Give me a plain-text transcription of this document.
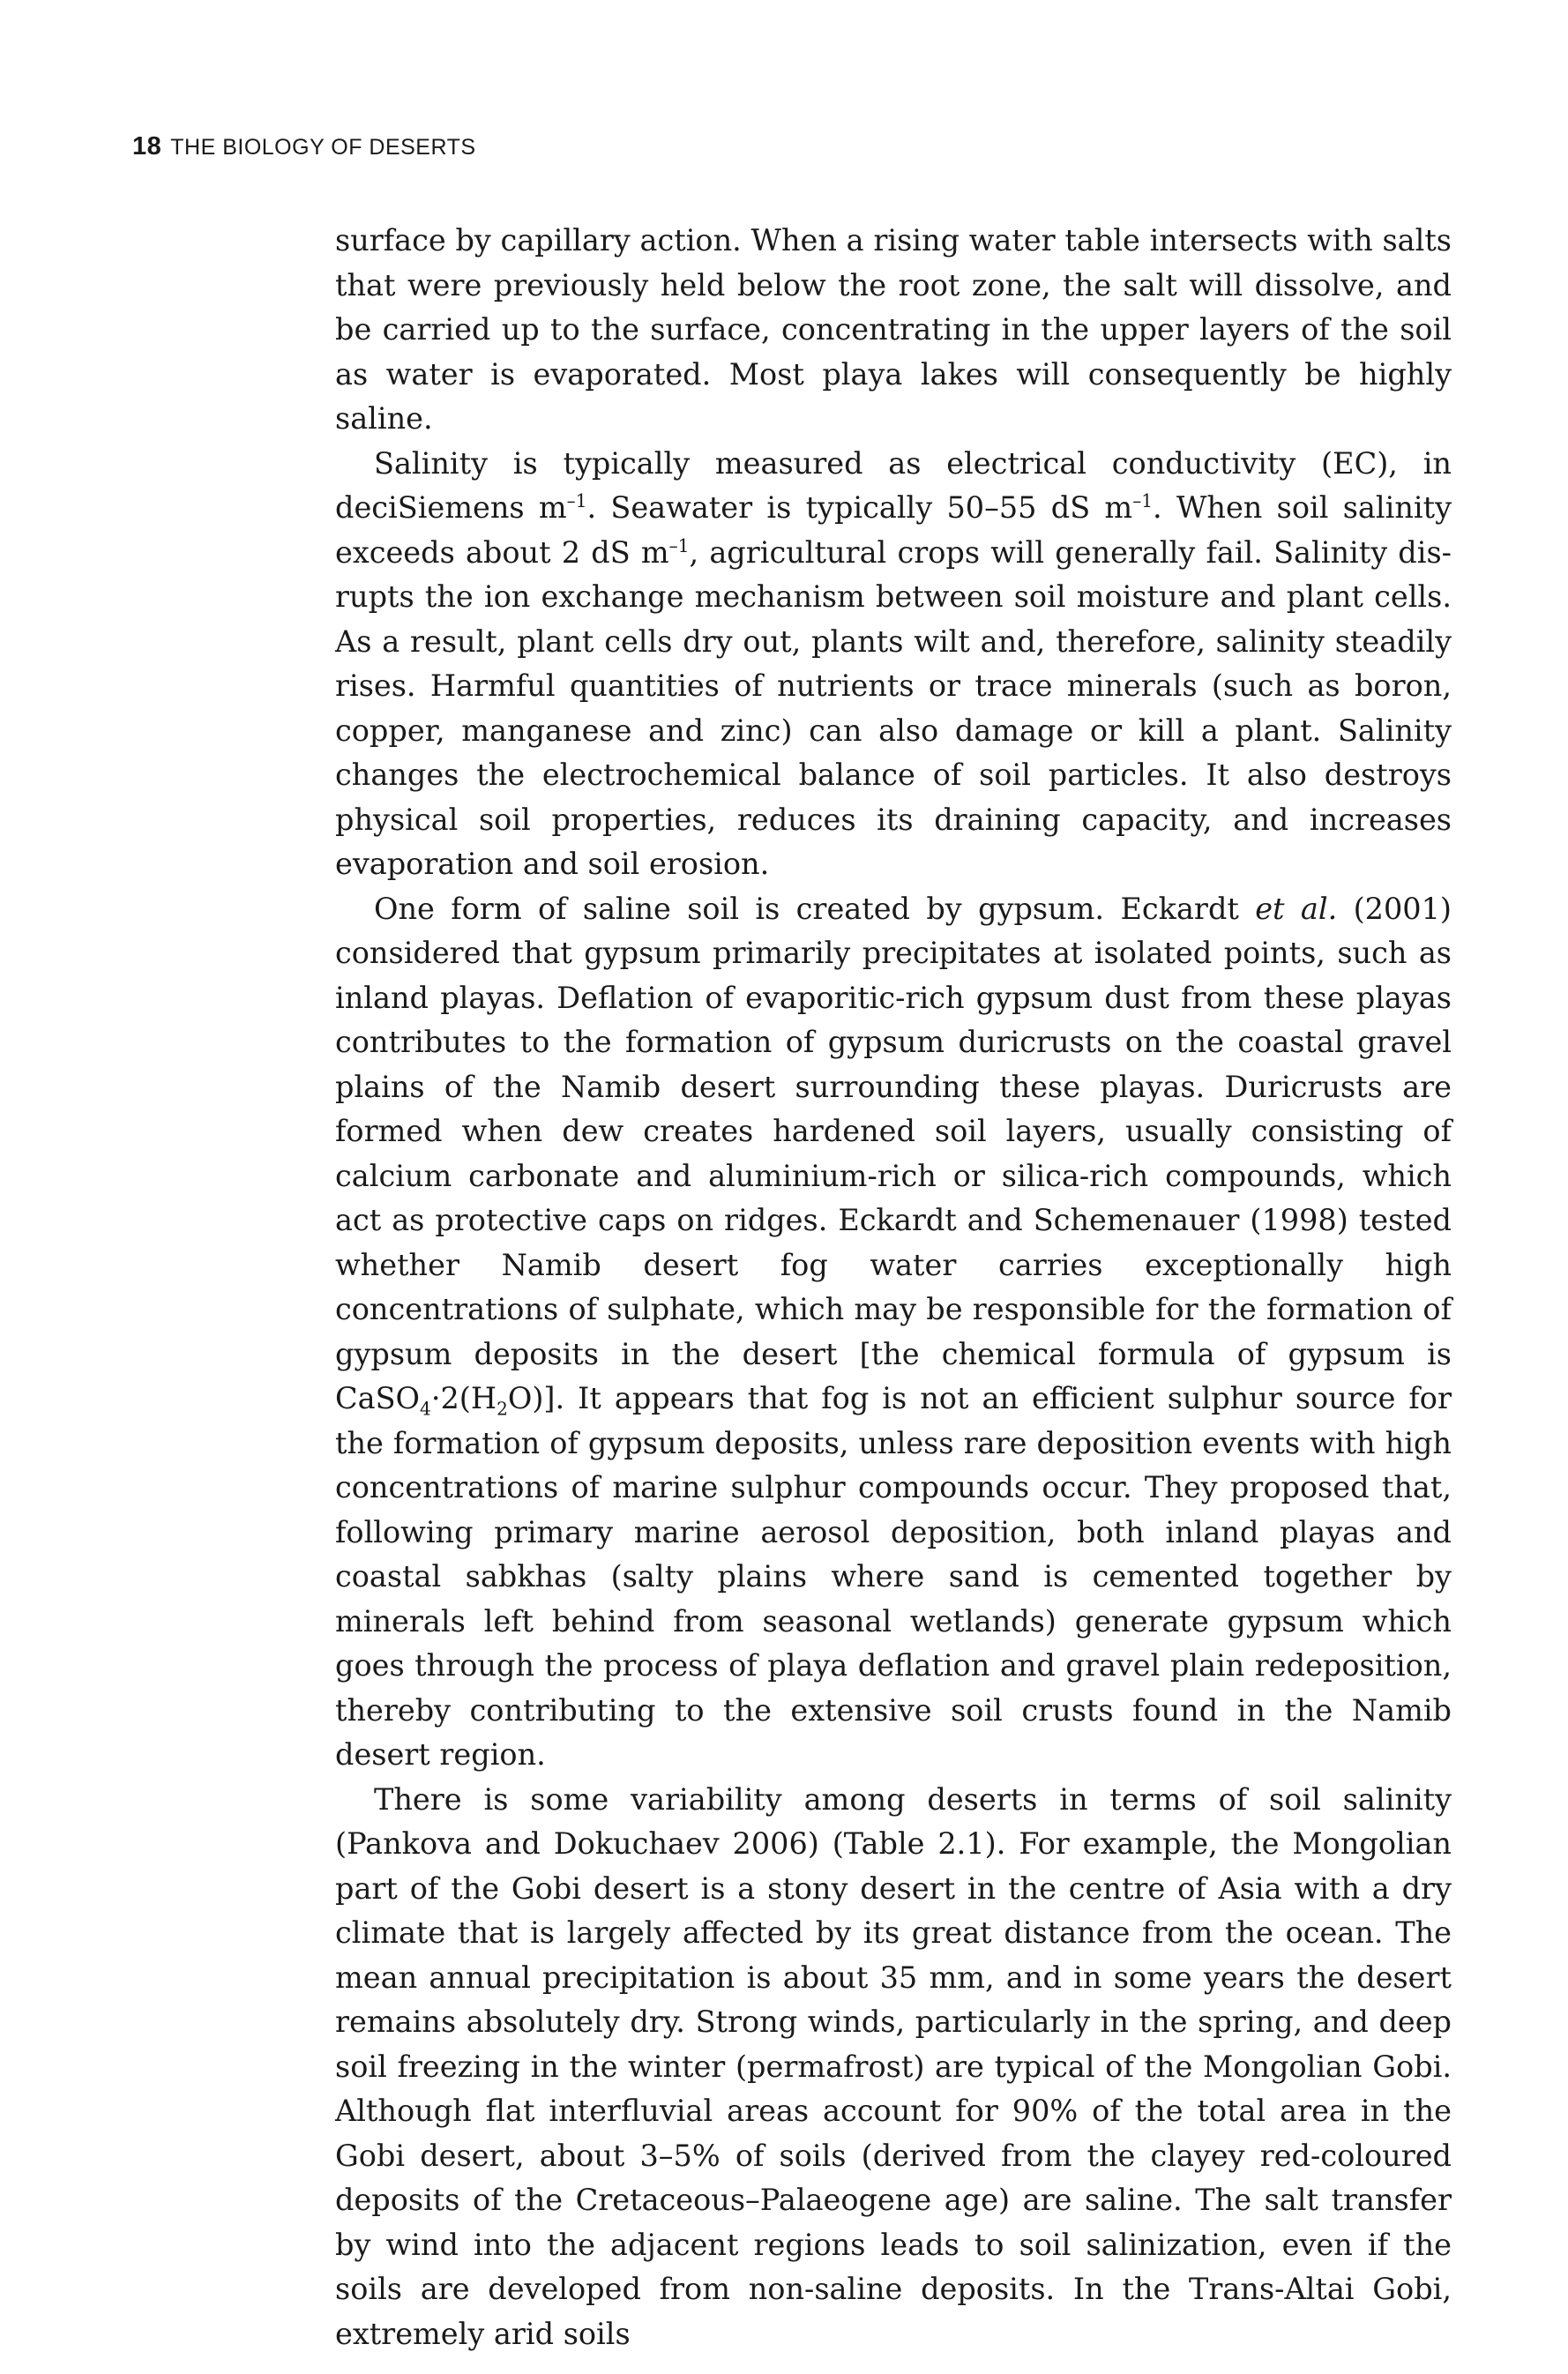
18 THE BIOLOGY OF DESERTS

surface by capillary action. When a rising water table intersects with salts that were previously held below the root zone, the salt will dissolve, and be carried up to the surface, concentrating in the upper layers of the soil as water is evaporated. Most playa lakes will consequently be highly saline.

Salinity is typically measured as electrical conductivity (EC), in deciSiemens $m^{-1}$. Seawater is typically 50–55 dS $m^{-1}$. When soil salinity exceeds about 2 dS $m^{-1}$, agricultural crops will generally fail. Salinity disrupts the ion exchange mechanism between soil moisture and plant cells. As a result, plant cells dry out, plants wilt and, therefore, salinity steadily rises. Harmful quantities of nutrients or trace minerals (such as boron, copper, manganese and zinc) can also damage or kill a plant. Salinity changes the electrochemical balance of soil particles. It also destroys physical soil properties, reduces its draining capacity, and increases evaporation and soil erosion.

One form of saline soil is created by gypsum. Eckardt et al. (2001) considered that gypsum primarily precipitates at isolated points, such as inland playas. Deflation of evaporitic-rich gypsum dust from these playas contributes to the formation of gypsum duricrusts on the coastal gravel plains of the Namib desert surrounding these playas. Duricrusts are formed when dew creates hardened soil layers, usually consisting of calcium carbonate and aluminium-rich or silica-rich compounds, which act as protective caps on ridges. Eckardt and Schemenauer (1998) tested whether Namib desert fog water carries exceptionally high concentrations of sulphate, which may be responsible for the formation of gypsum deposits in the desert [the chemical formula of gypsum is $CaSO_4\cdot 2(H_2O)$]. It appears that fog is not an efficient sulphur source for the formation of gypsum deposits, unless rare deposition events with high concentrations of marine sulphur compounds occur. They proposed that, following primary marine aerosol deposition, both inland playas and coastal sabkhas (salty plains where sand is cemented together by minerals left behind from seasonal wetlands) generate gypsum which goes through the process of playa deflation and gravel plain redeposition, thereby contributing to the extensive soil crusts found in the Namib desert region.

There is some variability among deserts in terms of soil salinity (Pankova and Dokuchaev 2006) (Table 2.1). For example, the Mongolian part of the Gobi desert is a stony desert in the centre of Asia with a dry climate that is largely affected by its great distance from the ocean. The mean annual precipitation is about 35 mm, and in some years the desert remains absolutely dry. Strong winds, particularly in the spring, and deep soil freezing in the winter (permafrost) are typical of the Mongolian Gobi. Although flat interfluvial areas account for 90% of the total area in the Gobi desert, about 3–5% of soils (derived from the clayey red-coloured deposits of the Cretaceous–Palaeogene age) are saline. The salt transfer by wind into the adjacent regions leads to soil salinization, even if the soils are developed from non-saline deposits. In the Trans-Altai Gobi, extremely arid soils
